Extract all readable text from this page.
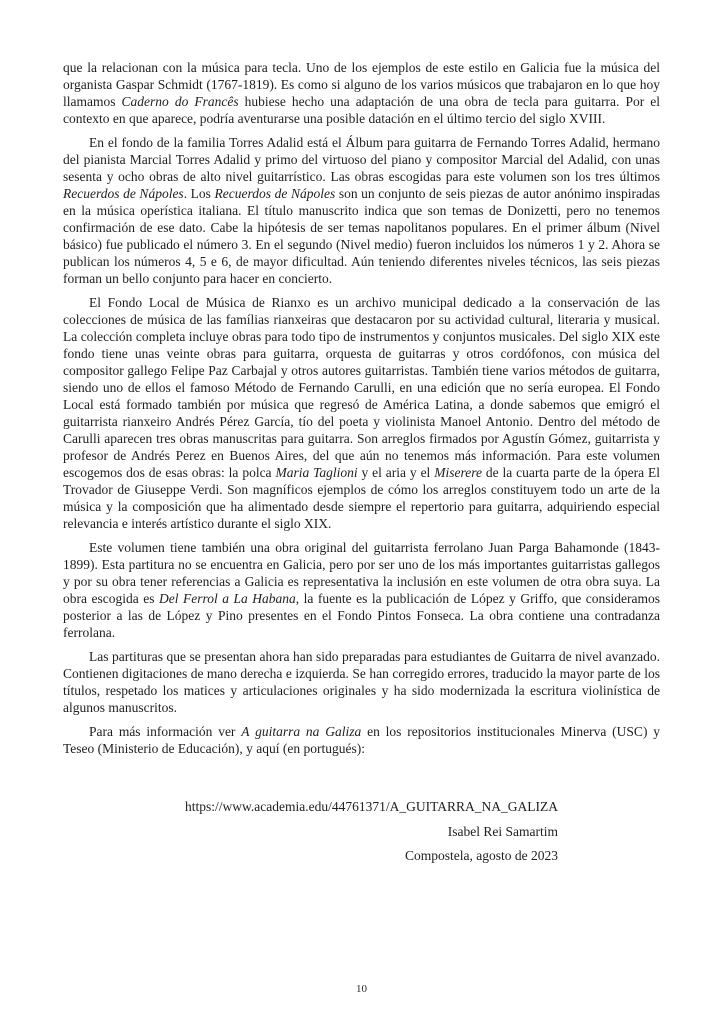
que la relacionan con la música para tecla. Uno de los ejemplos de este estilo en Galicia fue la música del organista Gaspar Schmidt (1767-1819). Es como si alguno de los varios músicos que trabajaron en lo que hoy llamamos Caderno do Francês hubiese hecho una adaptación de una obra de tecla para guitarra. Por el contexto en que aparece, podría aventurarse una posible datación en el último tercio del siglo XVIII.

En el fondo de la familia Torres Adalid está el Álbum para guitarra de Fernando Torres Adalid, hermano del pianista Marcial Torres Adalid y primo del virtuoso del piano y compositor Marcial del Adalid, con unas sesenta y ocho obras de alto nivel guitarrístico. Las obras escogidas para este volumen son los tres últimos Recuerdos de Nápoles. Los Recuerdos de Nápoles son un conjunto de seis piezas de autor anónimo inspiradas en la música operística italiana. El título manuscrito indica que son temas de Donizetti, pero no tenemos confirmación de ese dato. Cabe la hipótesis de ser temas napolitanos populares. En el primer álbum (Nivel básico) fue publicado el número 3. En el segundo (Nivel medio) fueron incluidos los números 1 y 2. Ahora se publican los números 4, 5 e 6, de mayor dificultad. Aún teniendo diferentes niveles técnicos, las seis piezas forman un bello conjunto para hacer en concierto.

El Fondo Local de Música de Rianxo es un archivo municipal dedicado a la conservación de las colecciones de música de las famílias rianxeiras que destacaron por su actividad cultural, literaria y musical. La colección completa incluye obras para todo tipo de instrumentos y conjuntos musicales. Del siglo XIX este fondo tiene unas veinte obras para guitarra, orquesta de guitarras y otros cordófonos, con música del compositor gallego Felipe Paz Carbajal y otros autores guitarristas. También tiene varios métodos de guitarra, siendo uno de ellos el famoso Método de Fernando Carulli, en una edición que no sería europea. El Fondo Local está formado también por música que regresó de América Latina, a donde sabemos que emigró el guitarrista rianxeiro Andrés Pérez García, tío del poeta y violinista Manoel Antonio. Dentro del método de Carulli aparecen tres obras manuscritas para guitarra. Son arreglos firmados por Agustín Gómez, guitarrista y profesor de Andrés Perez en Buenos Aires, del que aún no tenemos más información. Para este volumen escogemos dos de esas obras: la polca Maria Taglioni y el aria y el Miserere de la cuarta parte de la ópera El Trovador de Giuseppe Verdi. Son magníficos ejemplos de cómo los arreglos constituyem todo un arte de la música y la composición que ha alimentado desde siempre el repertorio para guitarra, adquiriendo especial relevancia e interés artístico durante el siglo XIX.

Este volumen tiene también una obra original del guitarrista ferrolano Juan Parga Bahamonde (1843-1899). Esta partitura no se encuentra en Galicia, pero por ser uno de los más importantes guitarristas gallegos y por su obra tener referencias a Galicia es representativa la inclusión en este volumen de otra obra suya. La obra escogida es Del Ferrol a La Habana, la fuente es la publicación de López y Griffo, que consideramos posterior a las de López y Pino presentes en el Fondo Pintos Fonseca. La obra contiene una contradanza ferrolana.

Las partituras que se presentan ahora han sido preparadas para estudiantes de Guitarra de nivel avanzado. Contienen digitaciones de mano derecha e izquierda. Se han corregido errores, traducido la mayor parte de los títulos, respetado los matices y articulaciones originales y ha sido modernizada la escritura violinística de algunos manuscritos.

Para más información ver A guitarra na Galiza en los repositorios institucionales Minerva (USC) y Teseo (Ministerio de Educación), y aquí (en portugués):

https://www.academia.edu/44761371/A_GUITARRA_NA_GALIZA
Isabel Rei Samartim
Compostela, agosto de 2023
10
